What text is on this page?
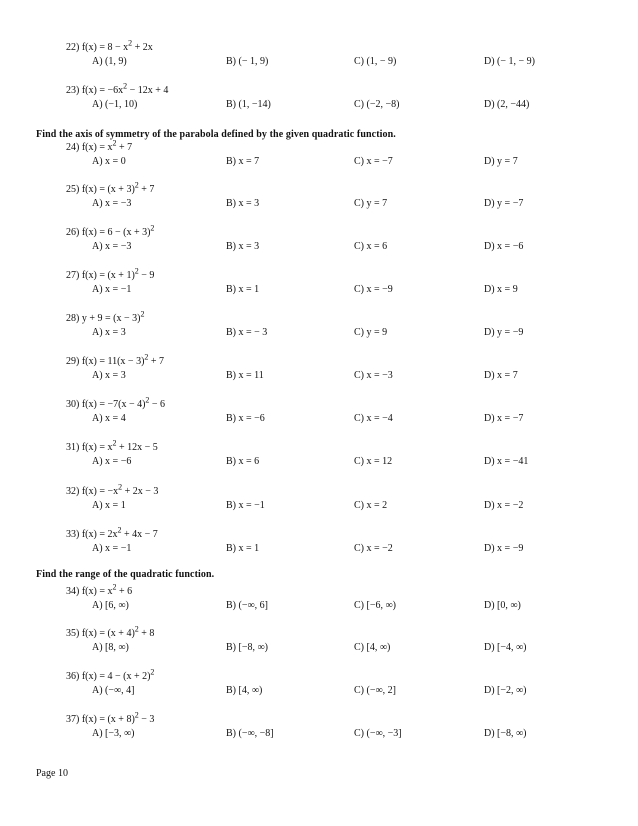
Find the axis of symmetry of the parabola defined by the given quadratic function.
Find the range of the quadratic function.
22) $f(x) = 8 - x^2 + 2x$
A) (1, 9)	B) (− 1, 9)	C) (1, − 9)	D) (− 1, − 9)
23) $f(x) = -6x^2 - 12x + 4$
A) (−1, 10)	B) (1, −14)	C) (−2, −8)	D) (2, −44)
24) $f(x) = x^2 + 7$
A) x = 0	B) x = 7	C) x = −7	D) y = 7
25) $f(x) = (x + 3)^2 + 7$
A) x = −3	B) x = 3	C) y = 7	D) y = −7
26) $f(x) = 6 - (x + 3)^2$
A) x = −3	B) x = 3	C) x = 6	D) x = −6
27) $f(x) = (x + 1)^2 - 9$
A) x = −1	B) x = 1	C) x = −9	D) x = 9
28) $y + 9 = (x - 3)^2$
A) x = 3	B) x = − 3	C) y = 9	D) y = −9
29) $f(x) = 11(x - 3)^2 + 7$
A) x = 3	B) x = 11	C) x = −3	D) x = 7
30) $f(x) = -7(x - 4)^2 - 6$
A) x = 4	B) x = −6	C) x = −4	D) x = −7
31) $f(x) = x^2 + 12x - 5$
A) x = −6	B) x = 6	C) x = 12	D) x = −41
32) $f(x) = -x^2 + 2x - 3$
A) x = 1	B) x = −1	C) x = 2	D) x = −2
33) $f(x) = 2x^2 + 4x - 7$
A) x = −1	B) x = 1	C) x = −2	D) x = −9
34) $f(x) = x^2 + 6$
A) [6, ∞)	B) (−∞, 6]	C) [−6, ∞)	D) [0, ∞)
35) $f(x) = (x + 4)^2 + 8$
A) [8, ∞)	B) [−8, ∞)	C) [4, ∞)	D) [−4, ∞)
36) $f(x) = 4 - (x + 2)^2$
A) (−∞, 4]	B) [4, ∞)	C) (−∞, 2]	D) [−2, ∞)
37) $f(x) = (x + 8)^2 - 3$
A) [−3, ∞)	B) (−∞, −8]	C) (−∞, −3]	D) [−8, ∞)
Page 10
